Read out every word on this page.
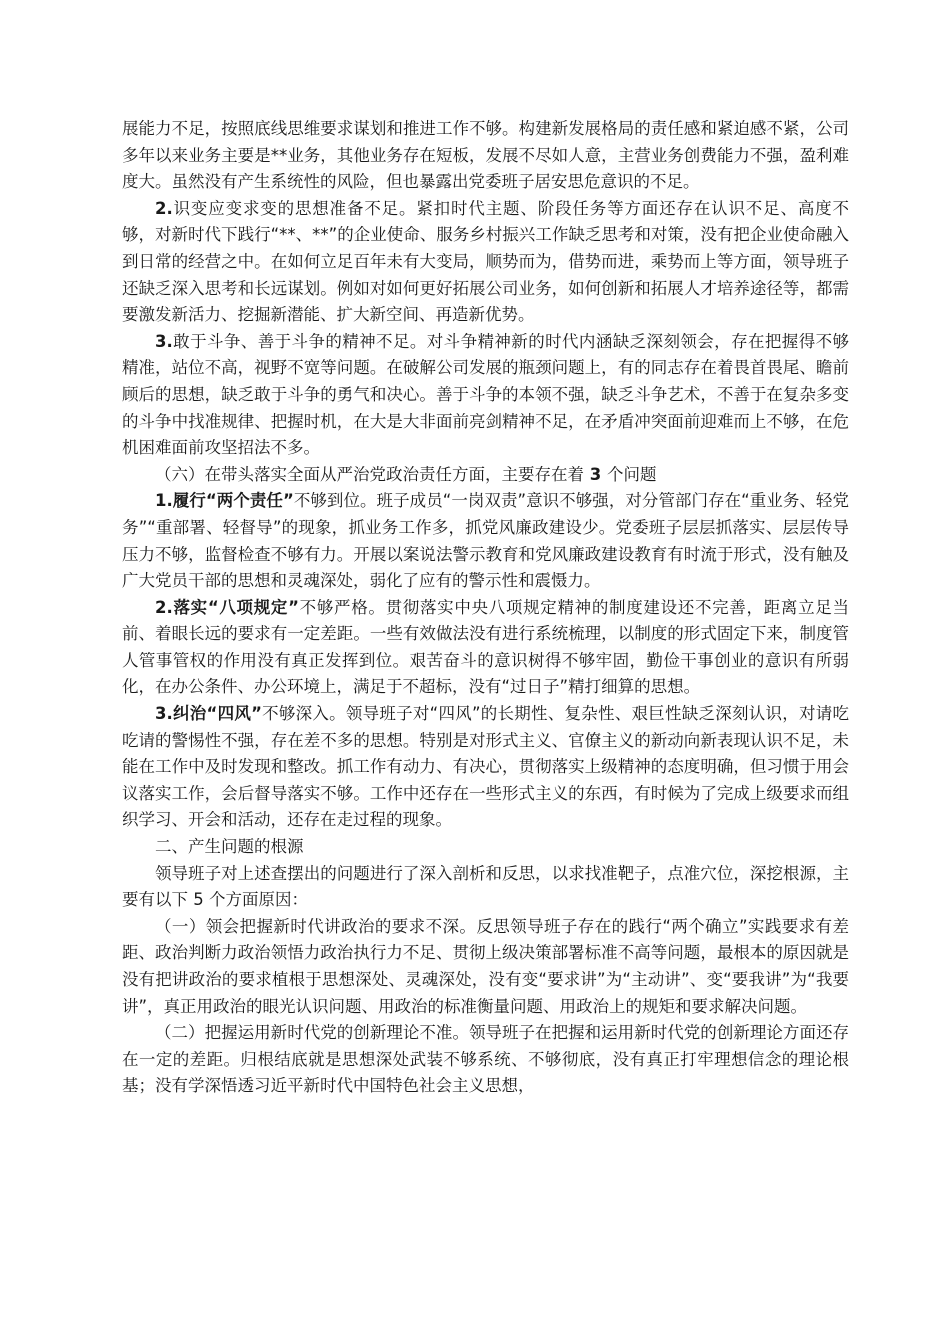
展能力不足，按照底线思维要求谋划和推进工作不够。构建新发展格局的责任感和紧迫感不紧，公司多年以来业务主要是**业务，其他业务存在短板，发展不尽如人意，主营业务创费能力不强，盈利难度大。虽然没有产生系统性的风险，但也暴露出党委班子居安思危意识的不足。

2.识变应变求变的思想准备不足。紧扣时代主题、阶段任务等方面还存在认识不足、高度不够，对新时代下践行“**、**”的企业使命、服务乡村振兴工作缺乏思考和对策，没有把企业使命融入到日常的经营之中。在如何立足百年未有大变局，顺势而为，借势而进，乘势而上等方面，领导班子还缺乏深入思考和长远谋划。例如对如何更好拓展公司业务，如何创新和拓展人才培养途径等，都需要激发新活力、挖掘新潜能、扩大新空间、再造新优势。

3.敢于斗争、善于斗争的精神不足。对斗争精神新的时代内涵缺乏深刻领会，存在把握得不够精准，站位不高，视野不宽等问题。在破解公司发展的瓶颈问题上，有的同志存在着畏首畏尾、瞻前顾后的思想，缺乏敢于斗争的勇气和决心。善于斗争的本领不强，缺乏斗争艺术，不善于在复杂多变的斗争中找准规律、把握时机，在大是大非面前亮剑精神不足，在矛盾冲突面前迎难而上不够，在危机困难面前攻坚招法不多。

（六）在带头落实全面从严治党政治责任方面，主要存在着 3 个问题

1.履行“两个责任”不够到位。班子成员“一岗双责”意识不够强，对分管部门存在“重业务、轻党务”“重部署、轻督导”的现象，抓业务工作多，抓党风廉政建设少。党委班子层层抓落实、层层传导压力不够，监督检查不够有力。开展以案说法警示教育和党风廉政建设教育有时流于形式，没有触及广大党员干部的思想和灵魂深处，弱化了应有的警示性和震慑力。

2.落实“八项规定”不够严格。贯彻落实中央八项规定精神的制度建设还不完善，距离立足当前、着眼长远的要求有一定差距。一些有效做法没有进行系统梳理，以制度的形式固定下来，制度管人管事管权的作用没有真正发挥到位。艰苦奋斗的意识树得不够牢固，勤俭干事创业的意识有所弱化，在办公条件、办公环境上，满足于不超标，没有“过日子”精打细算的思想。

3.纠治“四风”不够深入。领导班子对“四风”的长期性、复杂性、艰巨性缺乏深刻认识，对请吃吃请的警惕性不强，存在差不多的思想。特别是对形式主义、官僚主义的新动向新表现认识不足，未能在工作中及时发现和整改。抓工作有动力、有决心，贯彻落实上级精神的态度明确，但习惯于用会议落实工作，会后督导落实不够。工作中还存在一些形式主义的东西，有时候为了完成上级要求而组织学习、开会和活动，还存在走过程的现象。

二、产生问题的根源

领导班子对上述查摆出的问题进行了深入剖析和反思，以求找准靶子，点准穴位，深挖根源，主要有以下 5 个方面原因：

（一）领会把握新时代讲政治的要求不深。反思领导班子存在的践行“两个确立”实践要求有差距、政治判断力政治领悟力政治执行力不足、贯彻上级决策部署标准不高等问题，最根本的原因就是没有把讲政治的要求植根于思想深处、灵魂深处，没有变“要求讲”为“主动讲”、变“要我讲”为“我要讲”，真正用政治的眼光认识问题、用政治的标准衡量问题、用政治上的规矩和要求解决问题。

（二）把握运用新时代党的创新理论不准。领导班子在把握和运用新时代党的创新理论方面还存在一定的差距。归根结底就是思想深处武装不够系统、不够彻底，没有真正打牢理想信念的理论根基；没有学深悟透习近平新时代中国特色社会主义思想，
